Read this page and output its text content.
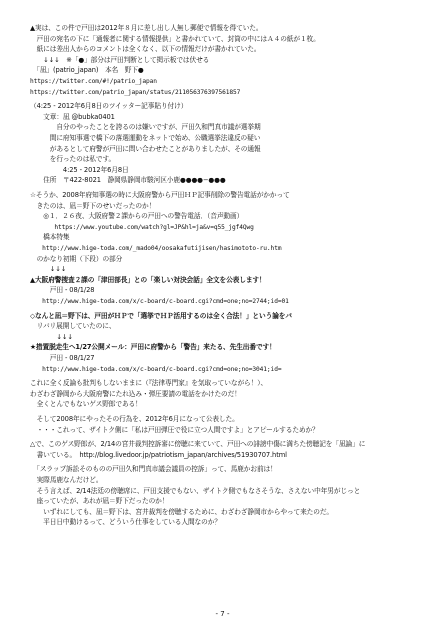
▲実は、この件で戸田は2012年８月に差し出し人無し郵便で情報を得ていた。
　戸田の宛名の下に「通報者に関する情報提供」と書かれていて、封筒の中にはＡ４の紙が１枚。
　紙には差出人からのコメントは全くなく、以下の情報だけが書かれていた。
　　↓↓↓　※「●」部分は戸田判断として掲示板では伏せる
　「凪」(patrio_japan)　本名　野下●
https://twitter.com/#!/patrio_japan
https://twitter.com/patrio_japan/status/211056376397561857
（4:25 - 2012年6月8日のツイッター記事貼り付け）
　　文章：凪 @bubka0401
　　　　自分のやったことを誇るのは嫌いですが、戸田久和門真市議が選挙期
　　　間に府知事選で橋下の落選運動をネットで始め、公職選挙法違反の疑い
　　　があるとして府警が戸田に問い合わせたことがありましたが、その通報
　　　を行ったのは私です。
　　　　　4:25 - 2012年6月8日
　　住所　〒422-8021　静岡県静岡市駿河区小鹿●●●●−●●●
☆そうか、2008年府知事選の時に大阪府警から戸田ＨＰ記事削除の警告電話がかかって
　きたのは、凪＝野下のせいだったのか！
　　◎１．２６夜、大阪府警２課からの戸田への警告電話．（音声動画）
　　　　https://www.youtube.com/watch?gl=JP&hl=ja&v=q55_jgf4Qwg
　　橋本特集
　　http://www.hige-toda.com/_mado04/oosakafutijisen/hasimototo-ru.htm
　のかなり初期（下段）の部分
　　　↓↓↓
▲大阪府警捜査２課の「津田部長」との「楽しい対決会話」全文を公表します！
　　　戸田 - 08/1/28
　　http://www.hige-toda.com/x/c-board/c-board.cgi?cmd=one;no=2744;id=01
◇なんと凪＝野下は、戸田がＨＰで「選挙でＨＰ活用するのは全く合法！」という論をバ
　リバリ展開していたのに、
　　　　↓↓↓
★措置脱走生へ1/27公開メール：戸田に府警から「警告」来たる、先生出番です！
　　　戸田 - 08/1/27
　　http://www.hige-toda.com/x/c-board/c-board.cgi?cmd=one;no=3041;id=
これに全く反論も批判もしないままに（『法律専門家』を気取っていながら！）、
わざわざ静岡から大阪府警にたれ込み・弾圧要請の電話をかけたのだ！
　全くとんでもないゲス野郎である！
　そして2008年にやったその行為を、2012年6月になって公表した。
　・・・これって、ザイトク側に「私は戸田弾圧で役に立つ人間ですよ」とアピールするためか？
△で、このゲス野郎が、2/14の宮井裁判控訴審に傍聴に来ていて、戸田への誹謗中傷に満ちた傍聴記を「凪論」に
　書いている。　http://blog.livedoor.jp/patriotism_japan/archives/51930707.html
　「スラップ訴訟そのものの戸田久和門真市議会議員の控訴」って、馬鹿かお前は！
　実際馬鹿なんだけど。
　そう言えば、2/14法廷の傍聴席に、戸田支援でもない、ザイトク側でもなさそうな、さえない中年男がじっと
　座っていたが、あれが凪＝野下だったのか！
　　いずれにしても、凪＝野下は、宮井裁判を傍聴するために、わざわざ静岡市からやって来たのだ。
　　平日日中動けるって、どういう仕事をしている人間なのか？
- 7 -
